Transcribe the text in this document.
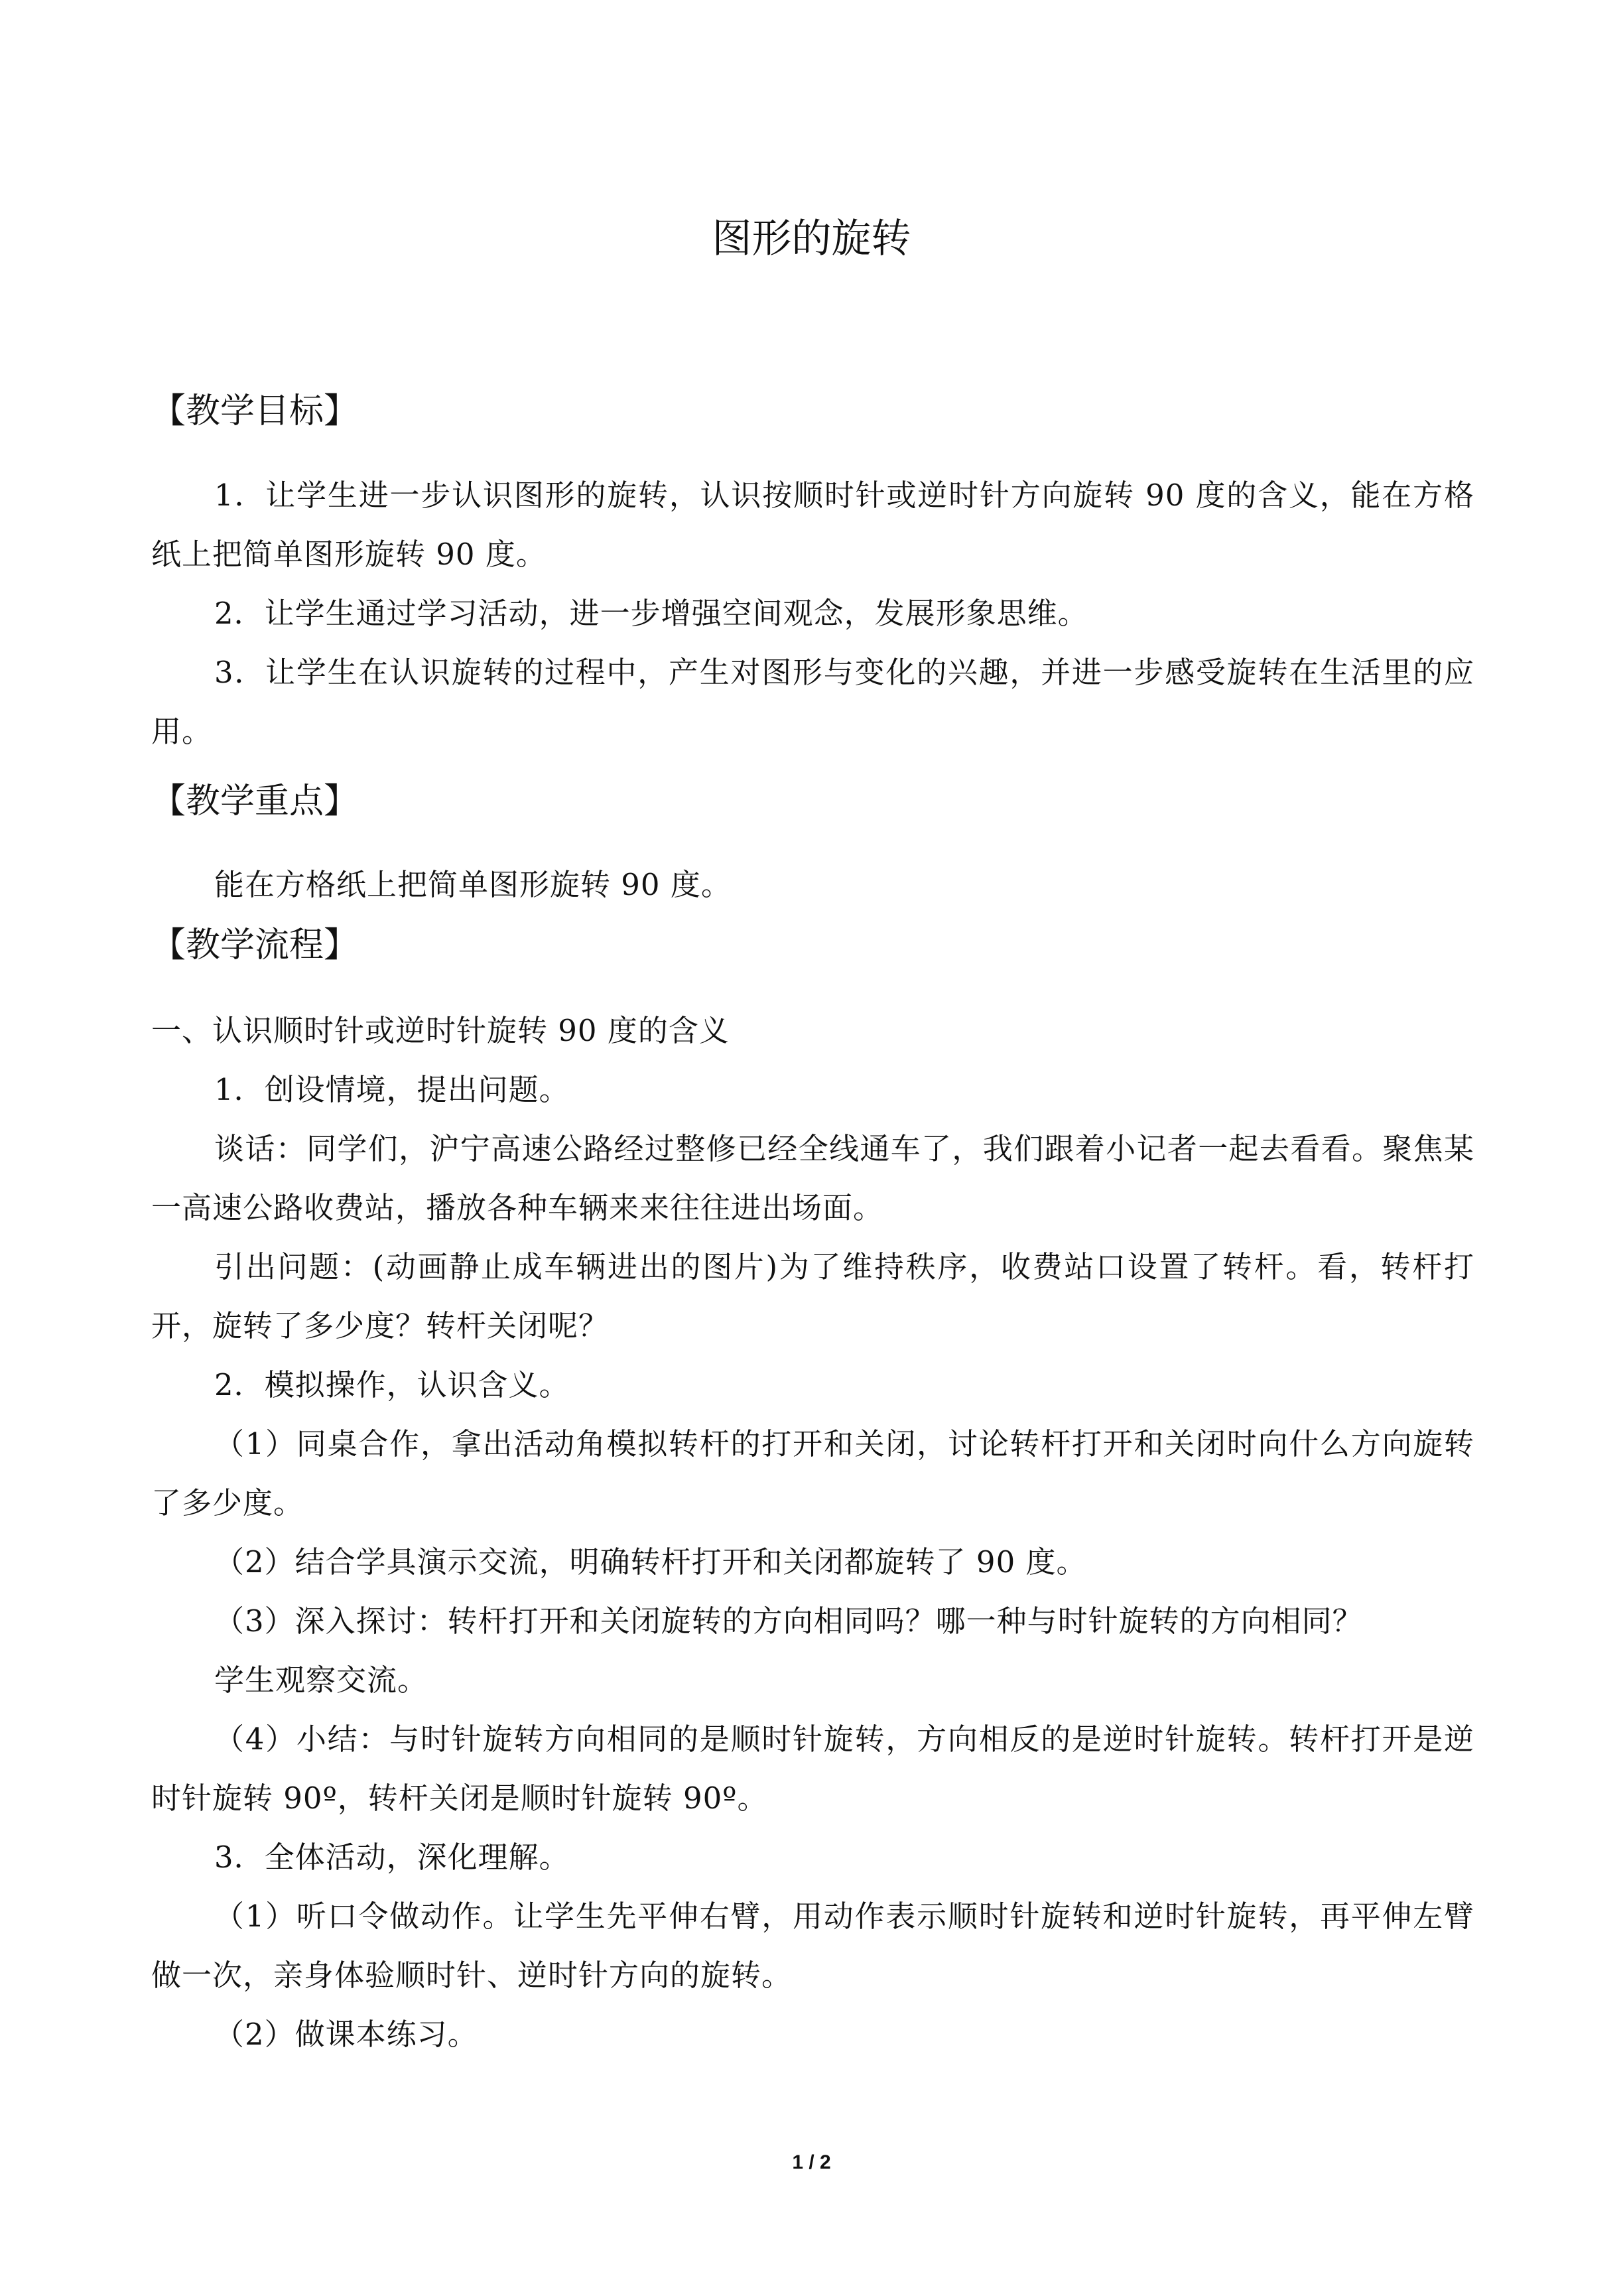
图形的旋转
【教学目标】
1．让学生进一步认识图形的旋转，认识按顺时针或逆时针方向旋转 90 度的含义，能在方格纸上把简单图形旋转 90 度。
2．让学生通过学习活动，进一步增强空间观念，发展形象思维。
3．让学生在认识旋转的过程中，产生对图形与变化的兴趣，并进一步感受旋转在生活里的应用。
【教学重点】
能在方格纸上把简单图形旋转 90 度。
【教学流程】
一、认识顺时针或逆时针旋转 90 度的含义
1．创设情境，提出问题。
谈话：同学们，沪宁高速公路经过整修已经全线通车了，我们跟着小记者一起去看看。聚焦某一高速公路收费站，播放各种车辆来来往往进出场面。
引出问题：(动画静止成车辆进出的图片)为了维持秩序，收费站口设置了转杆。看，转杆打开，旋转了多少度？转杆关闭呢？
2．模拟操作，认识含义。
（1）同桌合作，拿出活动角模拟转杆的打开和关闭，讨论转杆打开和关闭时向什么方向旋转了多少度。
（2）结合学具演示交流，明确转杆打开和关闭都旋转了 90 度。
（3）深入探讨：转杆打开和关闭旋转的方向相同吗？哪一种与时针旋转的方向相同？
学生观察交流。
（4）小结：与时针旋转方向相同的是顺时针旋转，方向相反的是逆时针旋转。转杆打开是逆时针旋转 90º，转杆关闭是顺时针旋转 90º。
3．全体活动，深化理解。
（1）听口令做动作。让学生先平伸右臂，用动作表示顺时针旋转和逆时针旋转，再平伸左臂做一次，亲身体验顺时针、逆时针方向的旋转。
（2）做课本练习。
1 / 2
